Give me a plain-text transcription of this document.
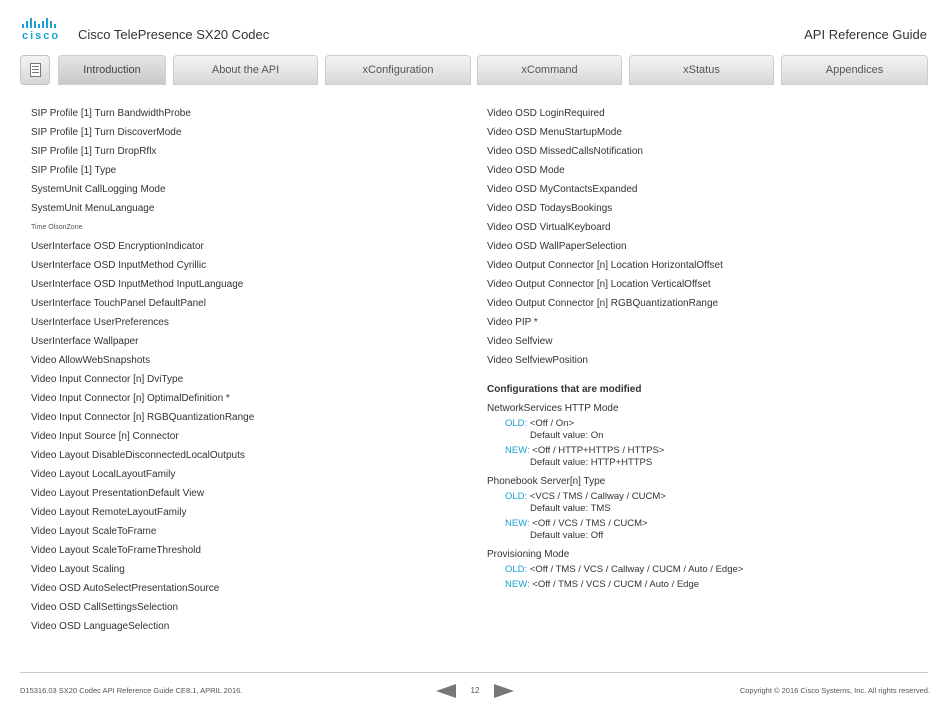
cisco	Cisco TelePresence SX20 Codec	API Reference Guide
Introduction	About the API	xConfiguration	xCommand	xStatus	Appendices
SIP Profile [1] Turn BandwidthProbe
SIP Profile [1] Turn DiscoverMode
SIP Profile [1] Turn DropRflx
SIP Profile [1] Type
SystemUnit CallLogging Mode
SystemUnit MenuLanguage
Time OlsonZone
UserInterface OSD EncryptionIndicator
UserInterface OSD InputMethod Cyrillic
UserInterface OSD InputMethod InputLanguage
UserInterface TouchPanel DefaultPanel
UserInterface UserPreferences
UserInterface Wallpaper
Video AllowWebSnapshots
Video Input Connector [n] DviType
Video Input Connector [n] OptimalDefinition *
Video Input Connector [n] RGBQuantizationRange
Video Input Source [n] Connector
Video Layout DisableDisconnectedLocalOutputs
Video Layout LocalLayoutFamily
Video Layout PresentationDefault View
Video Layout RemoteLayoutFamily
Video Layout ScaleToFrame
Video Layout ScaleToFrameThreshold
Video Layout Scaling
Video OSD AutoSelectPresentationSource
Video OSD CallSettingsSelection
Video OSD LanguageSelection
Video OSD LoginRequired
Video OSD MenuStartupMode
Video OSD MissedCallsNotification
Video OSD Mode
Video OSD MyContactsExpanded
Video OSD TodaysBookings
Video OSD VirtualKeyboard
Video OSD WallPaperSelection
Video Output Connector [n] Location HorizontalOffset
Video Output Connector [n] Location VerticalOffset
Video Output Connector [n] RGBQuantizationRange
Video PIP *
Video Selfview
Video SelfviewPosition
Configurations that are modified
NetworkServices HTTP Mode
OLD: <Off / On>
Default value: On
NEW: <Off / HTTP+HTTPS / HTTPS>
Default value: HTTP+HTTPS
Phonebook Server[n] Type
OLD: <VCS / TMS / Callway / CUCM>
Default value: TMS
NEW: <Off / VCS / TMS / CUCM>
Default value: Off
Provisioning Mode
OLD: <Off / TMS / VCS / Callway / CUCM / Auto / Edge>
NEW: <Off / TMS / VCS / CUCM / Auto / Edge
D15316.03 SX20 Codec API Reference Guide CE8.1, APRIL 2016.	12	Copyright © 2016 Cisco Systems, Inc. All rights reserved.
